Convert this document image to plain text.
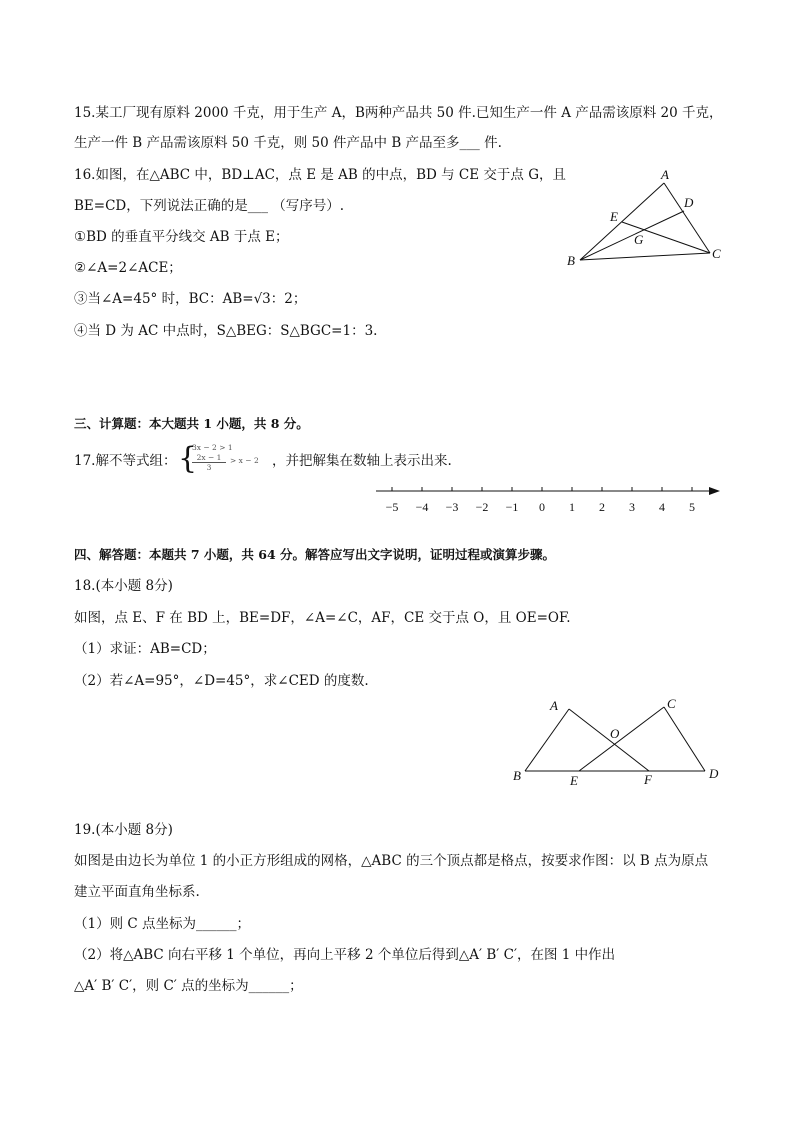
15.某工厂现有原料 2000 千克，用于生产 A，B两种产品共 50 件.已知生产一件 A 产品需该原料 20 千克，
生产一件 B 产品需该原料 50 千克，则 50 件产品中 B 产品至多___ 件.
16.如图，在△ABC 中，BD⊥AC，点 E 是 AB 的中点，BD 与 CE 交于点 G，且
BE=CD，下列说法正确的是___ （写序号）.
①BD 的垂直平分线交 AB 于点 E；
②∠A=2∠ACE；
③当∠A=45° 时，BC：AB=√3：2；
④当 D 为 AC 中点时，S△BEG：S△BGC=1：3.
A
D
E
G
B	C
三、计算题：本大题共 1 小题，共 8 分。
17.解不等式组： {
3x − 2 > 1
$\frac{2x - 1}{3} > x - 2$ ，并把解集在数轴上表示出来.
−5 −4 −3 −2 −1 0 1 2 3 4 5
四、解答题：本题共 7 小题，共 64 分。解答应写出文字说明，证明过程或演算步骤。
18.(本小题 8分)
如图，点 E、F 在 BD 上，BE=DF，∠A=∠C，AF，CE 交于点 O，且 OE=OF.
（1）求证：AB=CD；
（2）若∠A=95°，∠D=45°，求∠CED 的度数.
A	C
O
B	E	F	D
19.(本小题 8分)
如图是由边长为单位 1 的小正方形组成的网格，△ABC 的三个顶点都是格点，按要求作图：以 B 点为原点
建立平面直角坐标系.
（1）则 C 点坐标为______；
（2）将△ABC 向右平移 1 个单位，再向上平移 2 个单位后得到△A′ B′ C′，在图 1 中作出
△A′ B′ C′，则 C′ 点的坐标为______；
